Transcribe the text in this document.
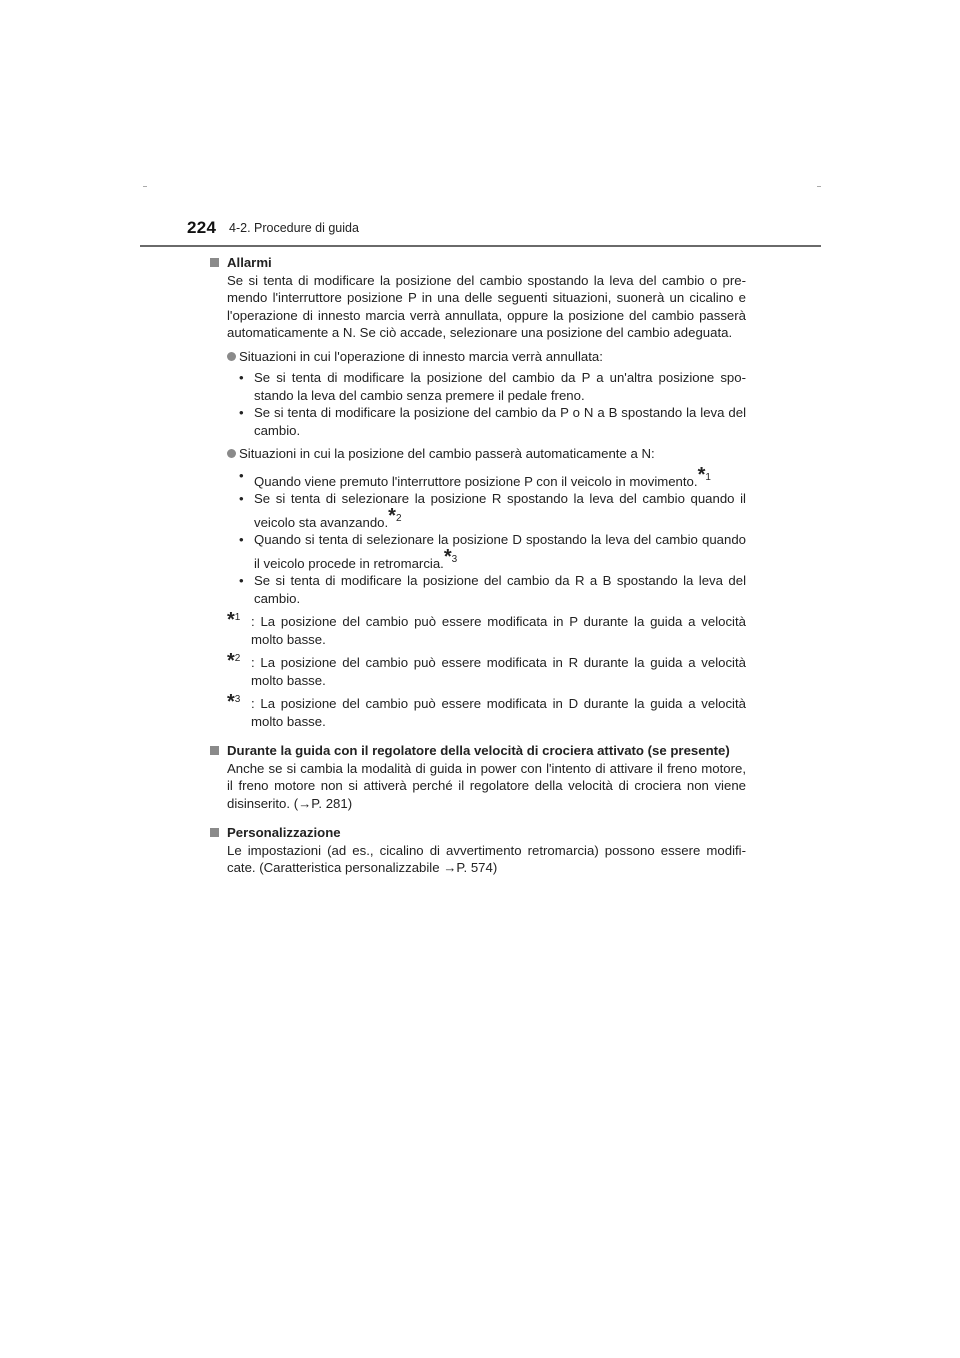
224 4-2. Procedure di guida
Allarmi
Se si tenta di modificare la posizione del cambio spostando la leva del cambio o pre-mendo l'interruttore posizione P in una delle seguenti situazioni, suonerà un cicalino e l'operazione di innesto marcia verrà annullata, oppure la posizione del cambio passerà automaticamente a N. Se ciò accade, selezionare una posizione del cambio adeguata.
Situazioni in cui l'operazione di innesto marcia verrà annullata:
• Se si tenta di modificare la posizione del cambio da P a un'altra posizione spo-stando la leva del cambio senza premere il pedale freno.
• Se si tenta di modificare la posizione del cambio da P o N a B spostando la leva del cambio.
Situazioni in cui la posizione del cambio passerà automaticamente a N:
• Quando viene premuto l'interruttore posizione P con il veicolo in movimento.$^{*1}$
• Se si tenta di selezionare la posizione R spostando la leva del cambio quando il veicolo sta avanzando.$^{*2}$
• Quando si tenta di selezionare la posizione D spostando la leva del cambio quando il veicolo procede in retromarcia.$^{*3}$
• Se si tenta di modificare la posizione del cambio da R a B spostando la leva del cambio.
*$^1$ : La posizione del cambio può essere modificata in P durante la guida a velocità molto basse.
*$^2$ : La posizione del cambio può essere modificata in R durante la guida a velocità molto basse.
*$^3$ : La posizione del cambio può essere modificata in D durante la guida a velocità molto basse.
Durante la guida con il regolatore della velocità di crociera attivato (se presente)
Anche se si cambia la modalità di guida in power con l'intento di attivare il freno motore, il freno motore non si attiverà perché il regolatore della velocità di crociera non viene disinserito. (→P. 281)
Personalizzazione
Le impostazioni (ad es., cicalino di avvertimento retromarcia) possono essere modifi-cate. (Caratteristica personalizzabile →P. 574)
